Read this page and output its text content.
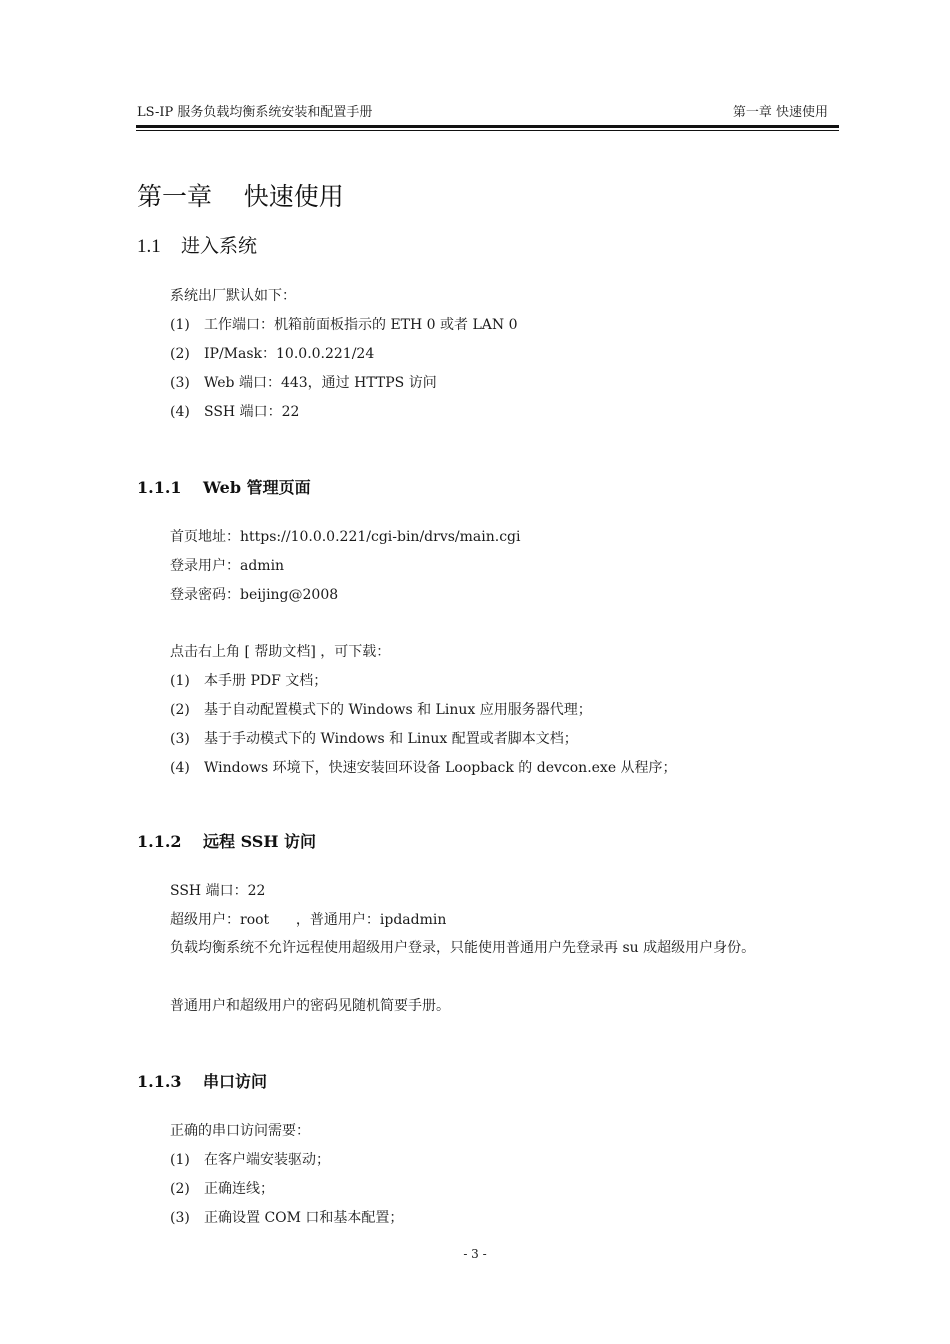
LS-IP 服务负载均衡系统安装和配置手册	第一章 快速使用
第一章    快速使用
1.1 进入系统
系统出厂默认如下：
(1) 工作端口：机箱前面板指示的 ETH 0 或者 LAN 0
(2) IP/Mask：10.0.0.221/24
(3) Web 端口：443，通过 HTTPS 访问
(4) SSH 端口：22
1.1.1 Web 管理页面
首页地址：https://10.0.0.221/cgi-bin/drvs/main.cgi
登录用户：admin
登录密码：beijing@2008
点击右上角 [ 帮助文档] ，可下载：
(1) 本手册 PDF 文档；
(2) 基于自动配置模式下的 Windows 和 Linux 应用服务器代理；
(3) 基于手动模式下的 Windows 和 Linux 配置或者脚本文档；
(4) Windows 环境下，快速安装回环设备 Loopback 的 devcon.exe 从程序；
1.1.2 远程 SSH 访问
SSH 端口：22
超级用户：root      ，普通用户：ipdadmin
负载均衡系统不允许远程使用超级用户登录，只能使用普通用户先登录再 su 成超级用户身份。
普通用户和超级用户的密码见随机简要手册。
1.1.3 串口访问
正确的串口访问需要：
(1) 在客户端安装驱动；
(2) 正确连线；
(3) 正确设置 COM 口和基本配置；
- 3 -
